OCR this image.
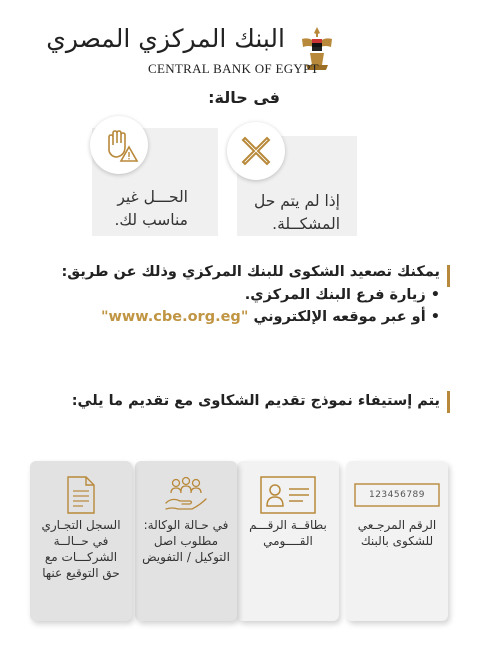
البنك المركزي المصري
CENTRAL BANK OF EGYPT
فى حالة:
إذا لم يتم حل
المشكــلة.
الحـــل غير
مناسب لك.
يمكنك تصعيد الشكوى للبنك المركزي وذلك عن طريق:
• زيارة فرع البنك المركزي.
• أو عبر موقعه الإلكتروني "www.cbe.org.eg"
يتم إستيفاء نموذج تقديم الشكاوى مع تقديم ما يلي:
123456789
الرقم المرجـعي
للشكوى بالبنك
بطاقــة الرقـــم
القــــومي
في حـالة الوكالة:
مطلوب اصل
التوكيل / التفويض
السجل التجـاري
في حــالــة
الشركـــات مع
حق التوقيع عنها
